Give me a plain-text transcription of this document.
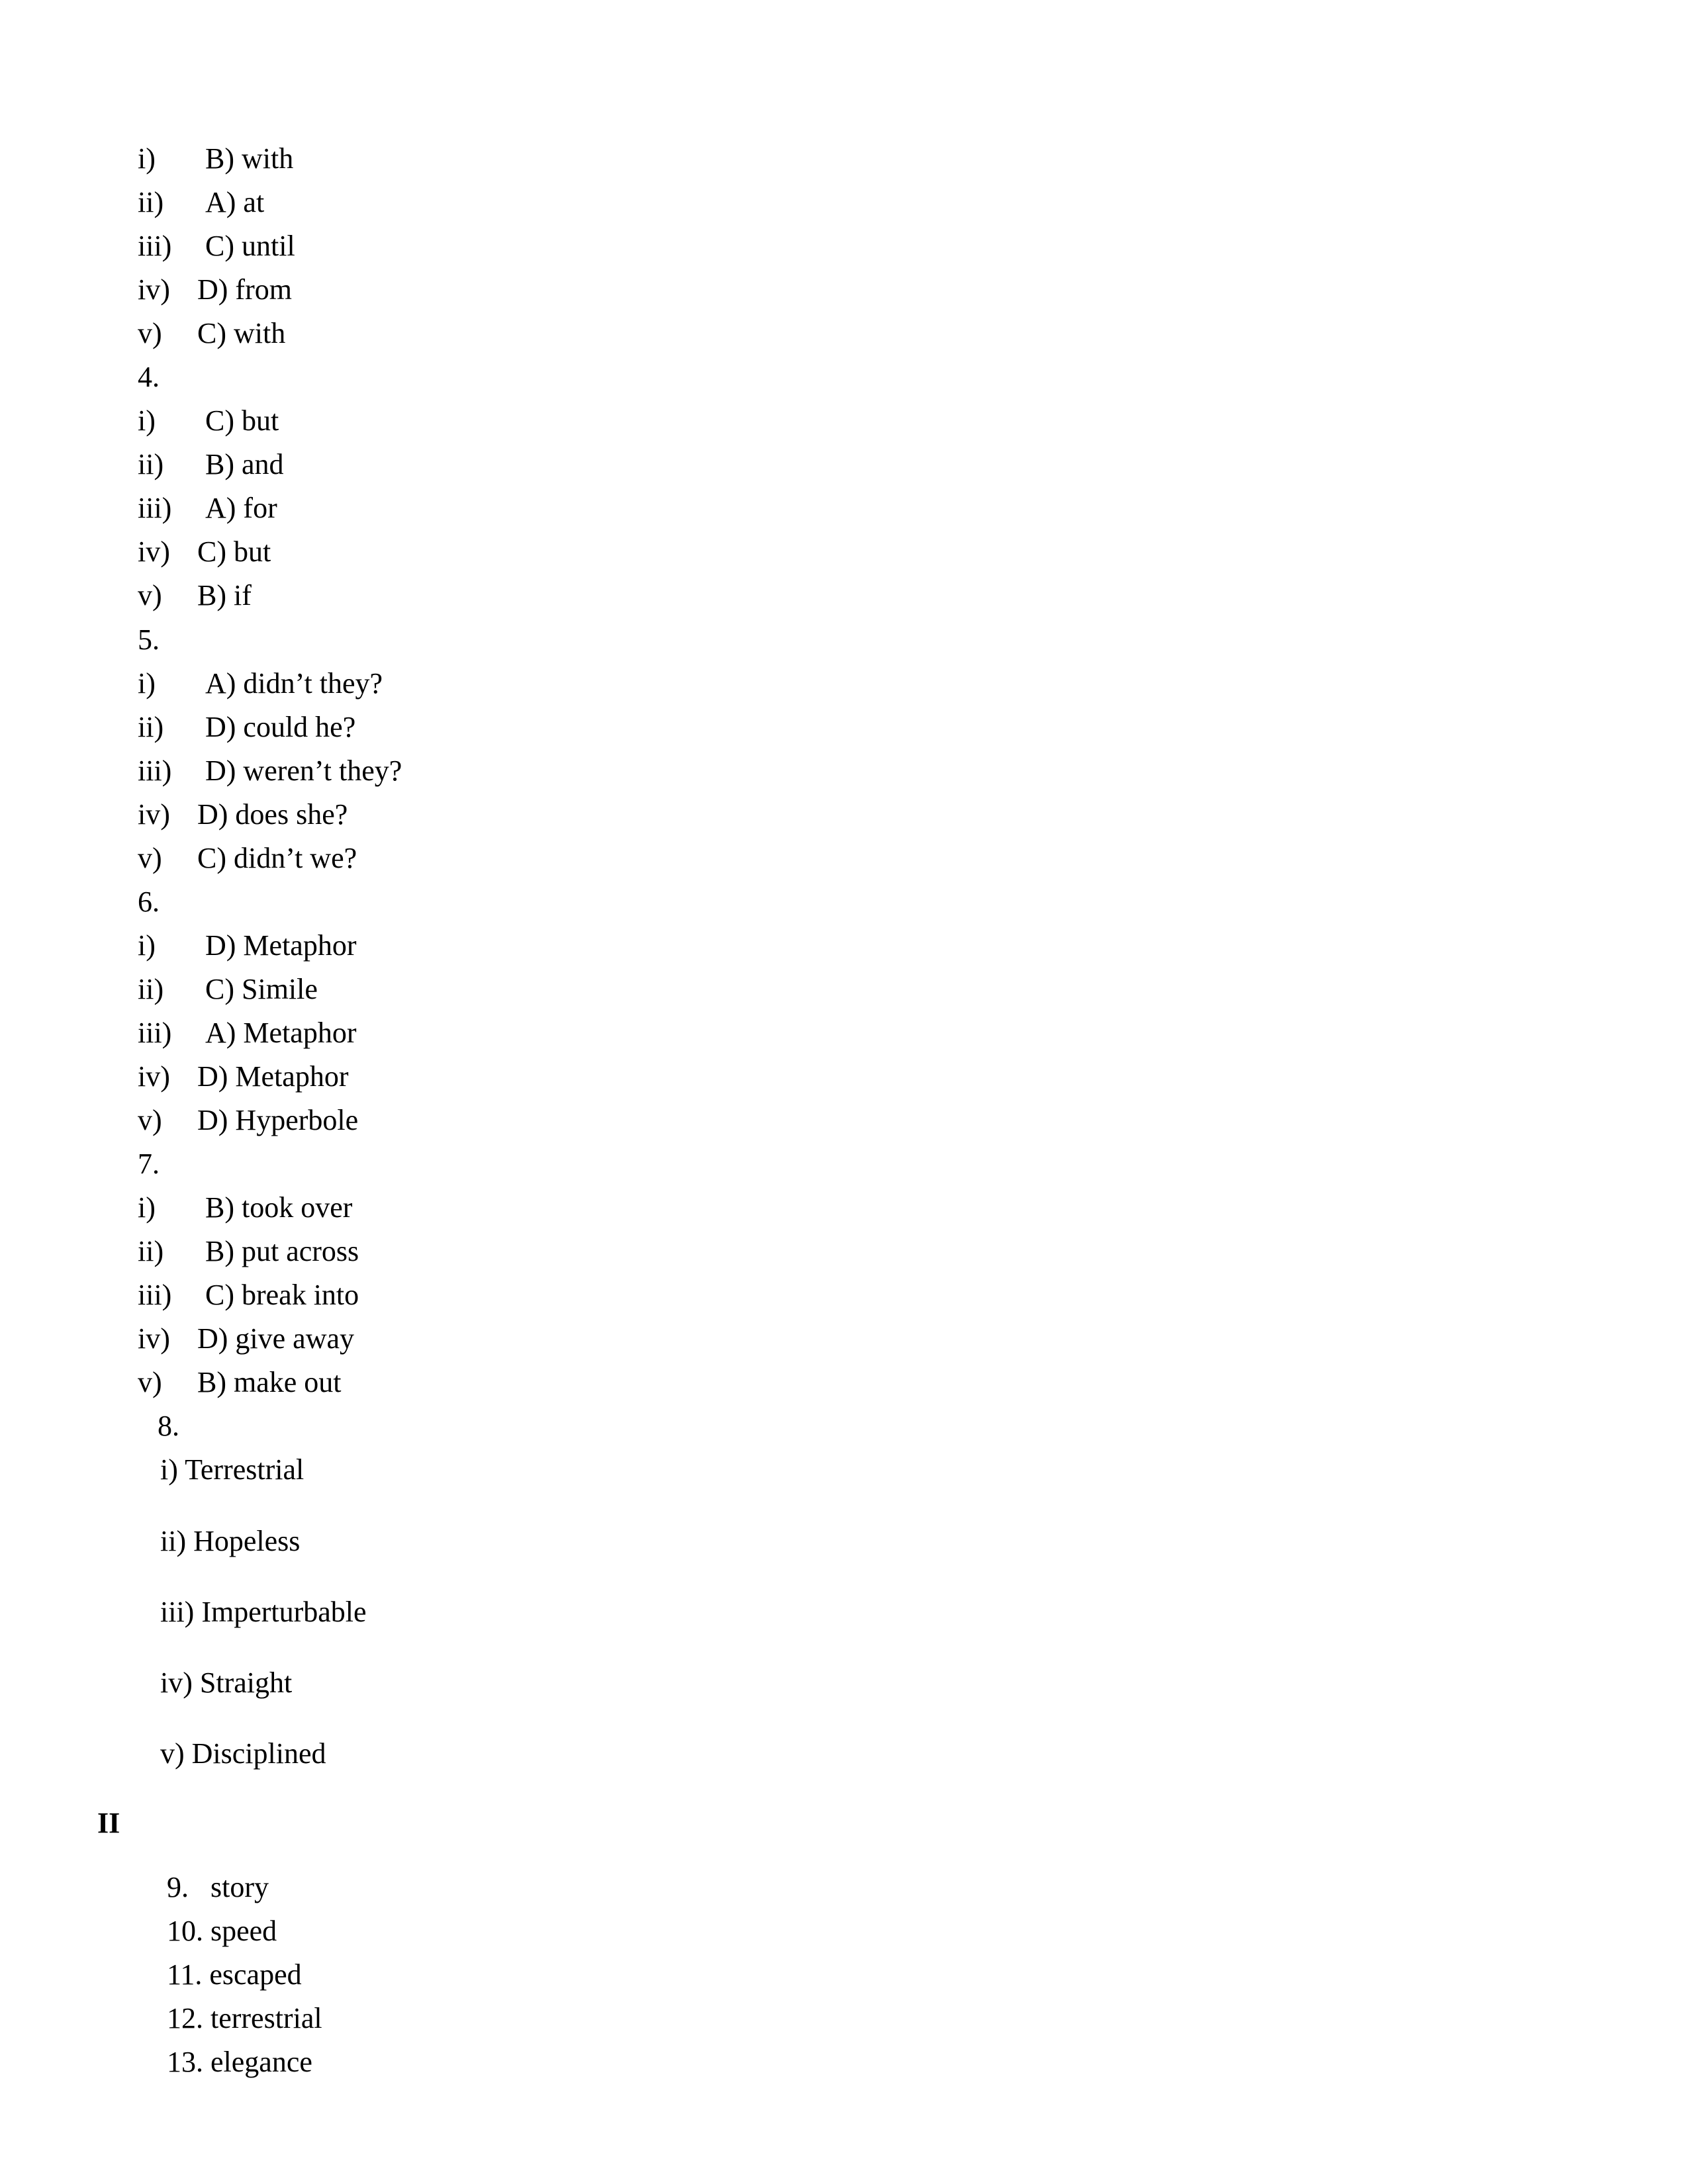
i)

B) with

ii)

A) at

iii)

C) until

iv)

D) from

v)

C) with

4.

i)

C) but

ii)

B) and

iii)

A) for

iv)

C) but

v)

B) if

5.

i)

A) didn’t they?

ii)

D) could he?

iii)

D) weren’t they?

iv)

D) does she?

v)

C) didn’t we?

6.

i)

D) Metaphor

ii)

C) Simile

iii)

A) Metaphor

iv)

D) Metaphor

v)

D) Hyperbole

7.

i)

B) took over

ii)

B) put across

iii)

C) break into

iv)

D) give away

v)

B) make out

8.
i) Terrestrial
ii) Hopeless
iii) Imperturbable
iv) Straight
v) Disciplined
II
9.   story
10. speed
11. escaped
12. terrestrial
13. elegance
